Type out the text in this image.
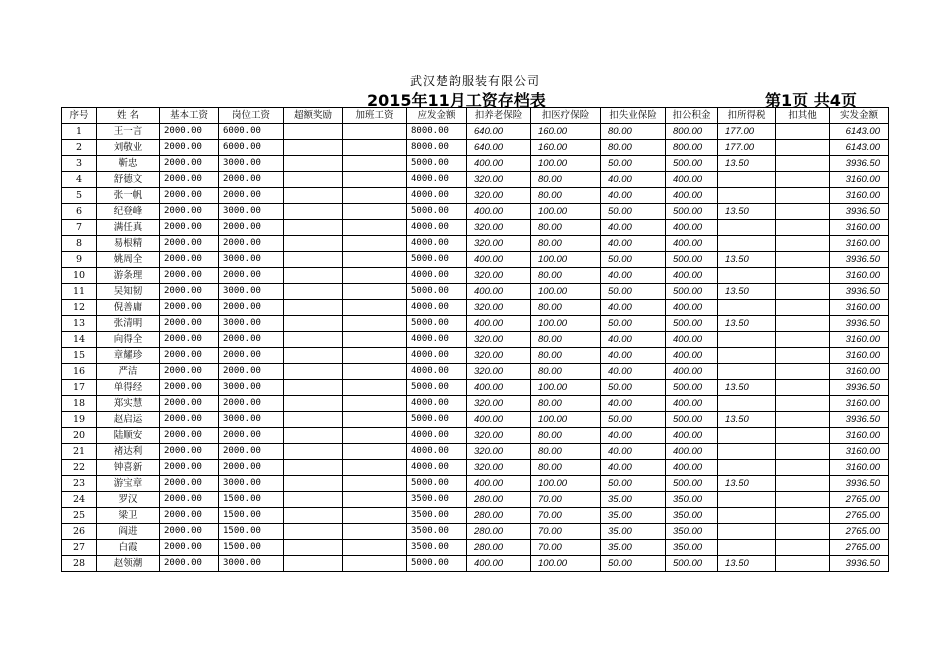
武汉楚韵服装有限公司
2015年11月工资存档表	第1页 共4页
序号	姓 名	基本工资	岗位工资	超额奖励	加班工资	应发金额	扣养老保险	扣医疗保险	扣失业保险	扣公积金	扣所得税	扣其他	实发金额
1	王一言	2000.00	6000.00			8000.00	640.00	160.00	80.00	800.00	177.00		6143.00
2	刘敬业	2000.00	6000.00			8000.00	640.00	160.00	80.00	800.00	177.00		6143.00
3	靳忠	2000.00	3000.00			5000.00	400.00	100.00	50.00	500.00	13.50		3936.50
4	舒德文	2000.00	2000.00			4000.00	320.00	80.00	40.00	400.00			3160.00
5	张一帆	2000.00	2000.00			4000.00	320.00	80.00	40.00	400.00			3160.00
6	纪登峰	2000.00	3000.00			5000.00	400.00	100.00	50.00	500.00	13.50		3936.50
7	满任真	2000.00	2000.00			4000.00	320.00	80.00	40.00	400.00			3160.00
8	易根精	2000.00	2000.00			4000.00	320.00	80.00	40.00	400.00			3160.00
9	姚周全	2000.00	3000.00			5000.00	400.00	100.00	50.00	500.00	13.50		3936.50
10	游条理	2000.00	2000.00			4000.00	320.00	80.00	40.00	400.00			3160.00
11	吴知韧	2000.00	3000.00			5000.00	400.00	100.00	50.00	500.00	13.50		3936.50
12	倪善庸	2000.00	2000.00			4000.00	320.00	80.00	40.00	400.00			3160.00
13	张清明	2000.00	3000.00			5000.00	400.00	100.00	50.00	500.00	13.50		3936.50
14	向得全	2000.00	2000.00			4000.00	320.00	80.00	40.00	400.00			3160.00
15	章耀珍	2000.00	2000.00			4000.00	320.00	80.00	40.00	400.00			3160.00
16	严洁	2000.00	2000.00			4000.00	320.00	80.00	40.00	400.00			3160.00
17	单得经	2000.00	3000.00			5000.00	400.00	100.00	50.00	500.00	13.50		3936.50
18	郑实慧	2000.00	2000.00			4000.00	320.00	80.00	40.00	400.00			3160.00
19	赵启运	2000.00	3000.00			5000.00	400.00	100.00	50.00	500.00	13.50		3936.50
20	陆顺安	2000.00	2000.00			4000.00	320.00	80.00	40.00	400.00			3160.00
21	褚达利	2000.00	2000.00			4000.00	320.00	80.00	40.00	400.00			3160.00
22	钟喜新	2000.00	2000.00			4000.00	320.00	80.00	40.00	400.00			3160.00
23	游宝章	2000.00	3000.00			5000.00	400.00	100.00	50.00	500.00	13.50		3936.50
24	罗汉	2000.00	1500.00			3500.00	280.00	70.00	35.00	350.00			2765.00
25	梁卫	2000.00	1500.00			3500.00	280.00	70.00	35.00	350.00			2765.00
26	阎进	2000.00	1500.00			3500.00	280.00	70.00	35.00	350.00			2765.00
27	白霞	2000.00	1500.00			3500.00	280.00	70.00	35.00	350.00			2765.00
28	赵领潮	2000.00	3000.00			5000.00	400.00	100.00	50.00	500.00	13.50		3936.50
